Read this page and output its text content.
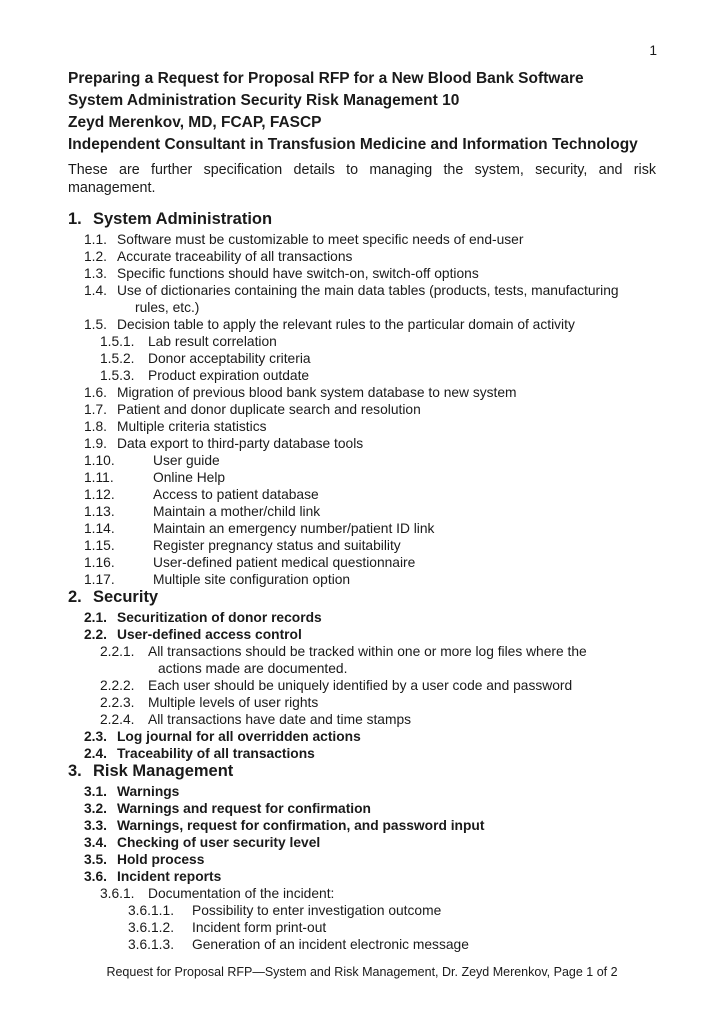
1
Preparing a Request for Proposal RFP for a New Blood Bank Software
System Administration Security Risk Management 10
Zeyd Merenkov, MD, FCAP, FASCP
Independent Consultant in Transfusion Medicine and Information Technology

These are further specification details to managing the system, security, and risk management.

1. System Administration
1.1. Software must be customizable to meet specific needs of end-user
1.2. Accurate traceability of all transactions
1.3. Specific functions should have switch-on, switch-off options
1.4. Use of dictionaries containing the main data tables (products, tests, manufacturing rules, etc.)
1.5. Decision table to apply the relevant rules to the particular domain of activity
1.5.1. Lab result correlation
1.5.2. Donor acceptability criteria
1.5.3. Product expiration outdate
1.6. Migration of previous blood bank system database to new system
1.7. Patient and donor duplicate search and resolution
1.8. Multiple criteria statistics
1.9. Data export to third-party database tools
1.10.	User guide
1.11.	Online Help
1.12.	Access to patient database
1.13.	Maintain a mother/child link
1.14.	Maintain an emergency number/patient ID link
1.15.	Register pregnancy status and suitability
1.16.	User-defined patient medical questionnaire
1.17.	Multiple site configuration option
2. Security
2.1. Securitization of donor records
2.2. User-defined access control
2.2.1. All transactions should be tracked within one or more log files where the actions made are documented.
2.2.2. Each user should be uniquely identified by a user code and password
2.2.3. Multiple levels of user rights
2.2.4. All transactions have date and time stamps
2.3. Log journal for all overridden actions
2.4. Traceability of all transactions
3. Risk Management
3.1. Warnings
3.2. Warnings and request for confirmation
3.3. Warnings, request for confirmation, and password input
3.4. Checking of user security level
3.5. Hold process
3.6. Incident reports
3.6.1. Documentation of the incident:
3.6.1.1.	Possibility to enter investigation outcome
3.6.1.2.	Incident form print-out
3.6.1.3.	Generation of an incident electronic message
Request for Proposal RFP—System and Risk Management, Dr. Zeyd Merenkov, Page 1 of 2
